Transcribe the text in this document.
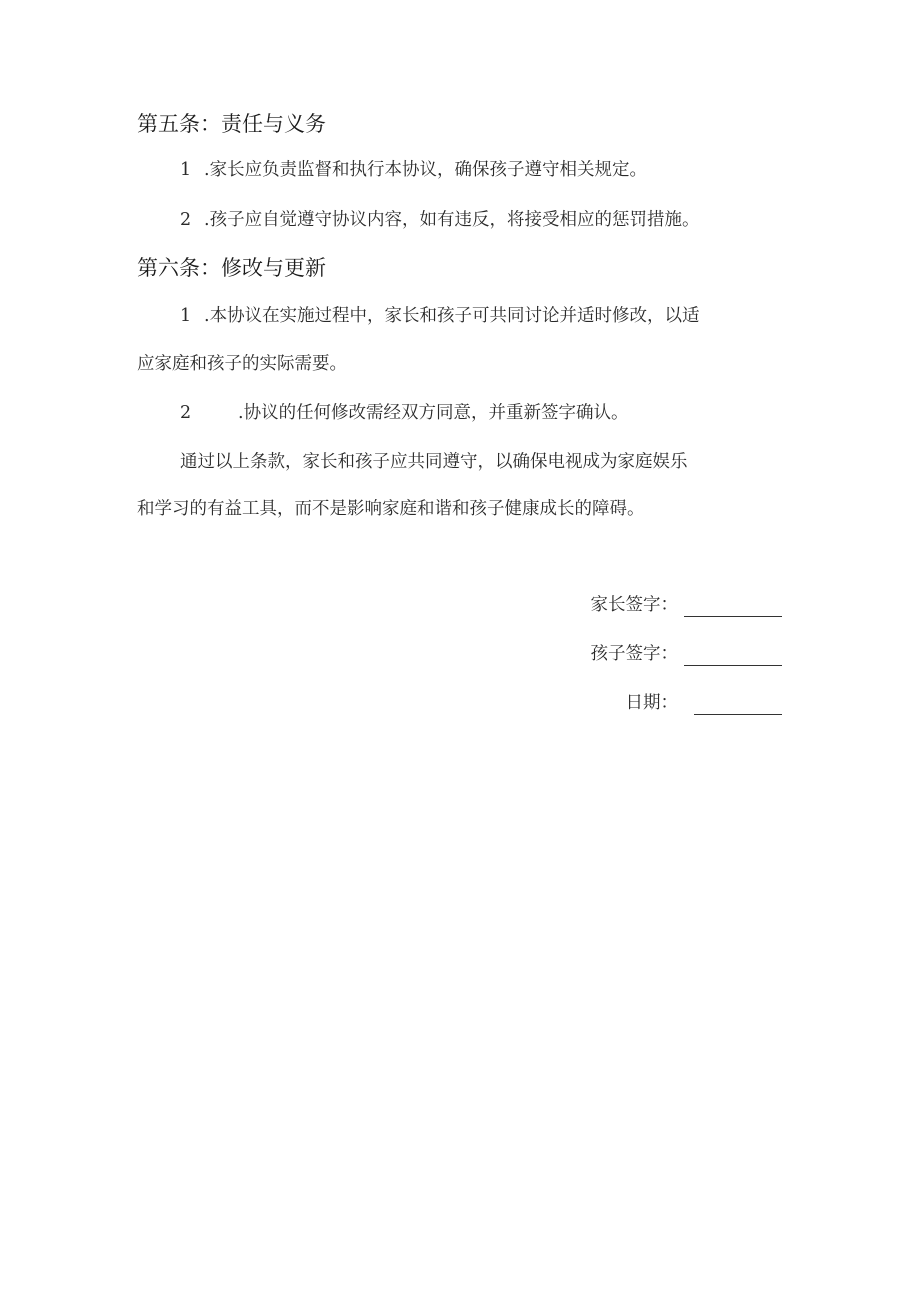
第五条：责任与义务
1 .家长应负责监督和执行本协议，确保孩子遵守相关规定。
2 .孩子应自觉遵守协议内容，如有违反，将接受相应的惩罚措施。
第六条：修改与更新
1 .本协议在实施过程中，家长和孩子可共同讨论并适时修改，以适
应家庭和孩子的实际需要。
2	.协议的任何修改需经双方同意，并重新签字确认。
通过以上条款，家长和孩子应共同遵守，以确保电视成为家庭娱乐
和学习的有益工具，而不是影响家庭和谐和孩子健康成长的障碍。
家长签字：
孩子签字：
日期：
